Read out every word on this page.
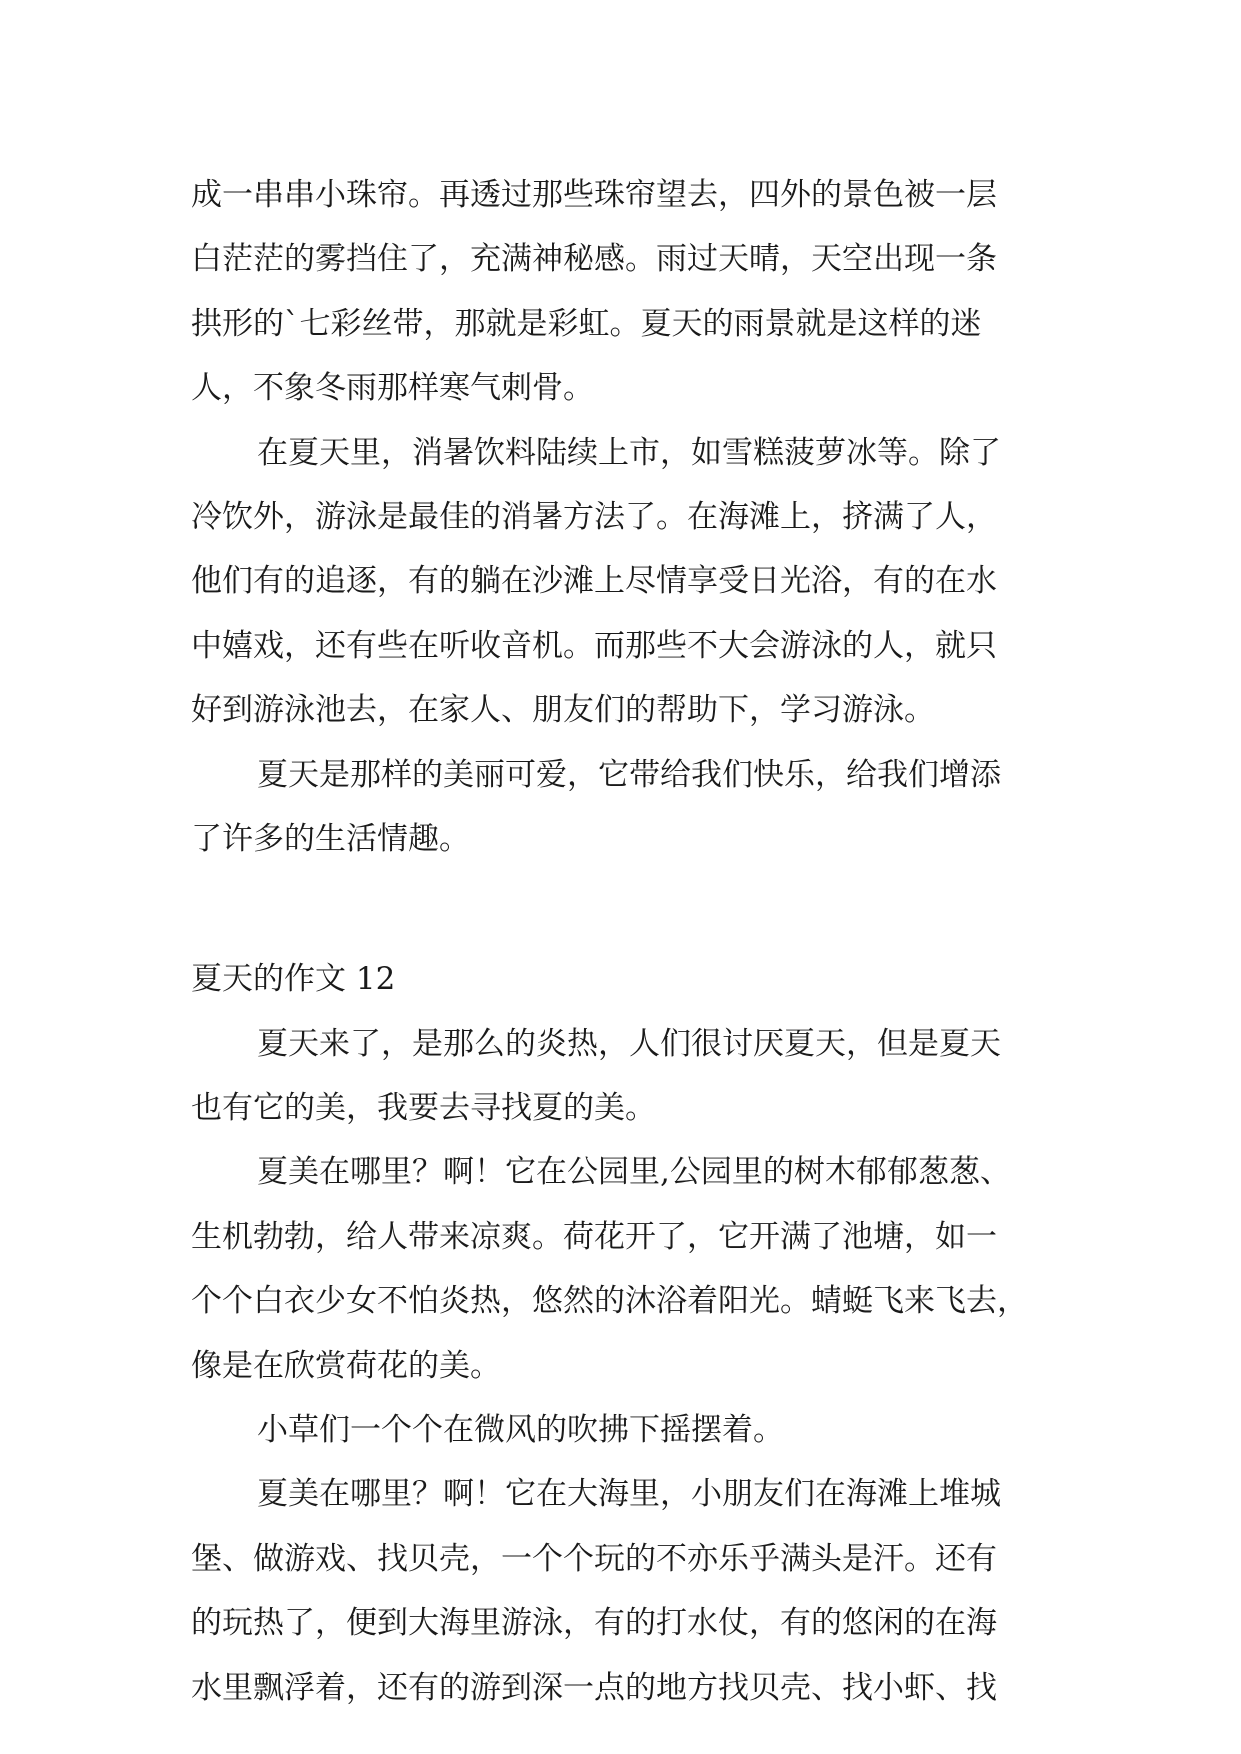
成一串串小珠帘。再透过那些珠帘望去，四外的景色被一层
白茫茫的雾挡住了，充满神秘感。雨过天晴，天空出现一条
拱形的`七彩丝带，那就是彩虹。夏天的雨景就是这样的迷
人，不象冬雨那样寒气刺骨。
在夏天里，消暑饮料陆续上市，如雪糕菠萝冰等。除了
冷饮外，游泳是最佳的消暑方法了。在海滩上，挤满了人，
他们有的追逐，有的躺在沙滩上尽情享受日光浴，有的在水
中嬉戏，还有些在听收音机。而那些不大会游泳的人，就只
好到游泳池去，在家人、朋友们的帮助下，学习游泳。
夏天是那样的美丽可爱，它带给我们快乐，给我们增添
了许多的生活情趣。
夏天的作文 12
夏天来了，是那么的炎热，人们很讨厌夏天，但是夏天
也有它的美，我要去寻找夏的美。
夏美在哪里？啊！它在公园里,公园里的树木郁郁葱葱、
生机勃勃，给人带来凉爽。荷花开了，它开满了池塘，如一
个个白衣少女不怕炎热，悠然的沐浴着阳光。蜻蜓飞来飞去，
像是在欣赏荷花的美。
小草们一个个在微风的吹拂下摇摆着。
夏美在哪里？啊！它在大海里，小朋友们在海滩上堆城
堡、做游戏、找贝壳，一个个玩的不亦乐乎满头是汗。还有
的玩热了，便到大海里游泳，有的打水仗，有的悠闲的在海
水里飘浮着，还有的游到深一点的地方找贝壳、找小虾、找
